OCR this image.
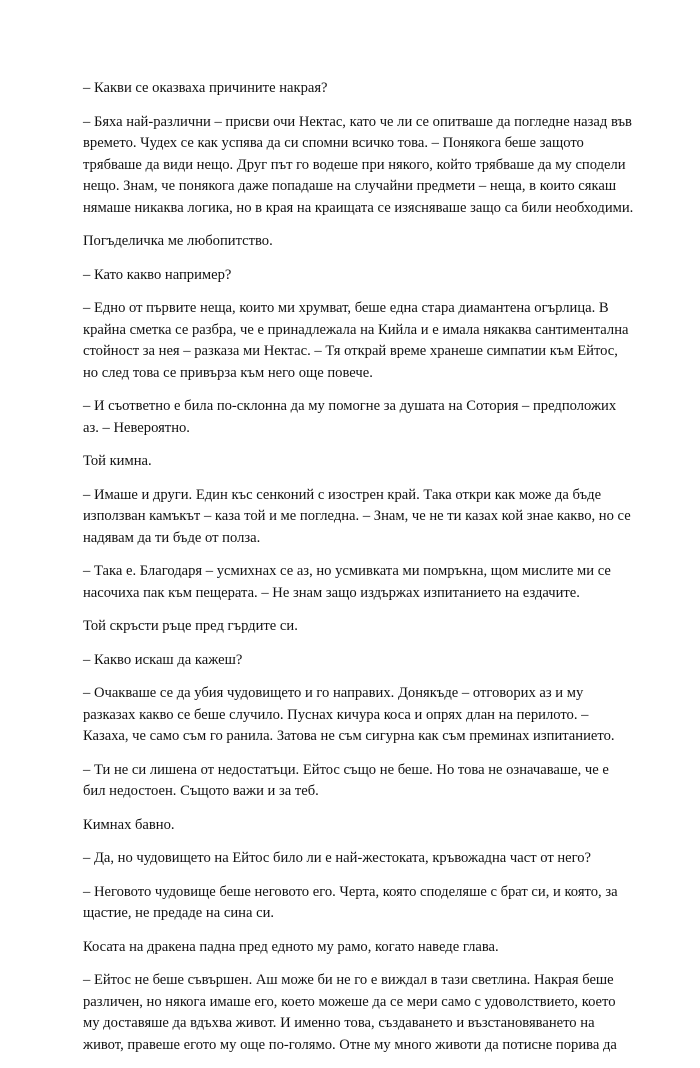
– Какви се оказваха причините накрая?

– Бяха най-различни – присви очи Нектас, като че ли се опитваше да погледне назад във
времето. Чудех се как успява да си спомни всичко това. – Понякога беше защото
трябваше да види нещо. Друг път го водеше при някого, който трябваше да му сподели
нещо. Знам, че понякога даже попадаше на случайни предмети – неща, в които сякаш
нямаше никаква логика, но в края на краищата се изясняваше защо са били необходими.

Погъделичка ме любопитство.

– Като какво например?

– Едно от първите неща, които ми хрумват, беше една стара диамантена огърлица. В
крайна сметка се разбра, че е принадлежала на Кийла и е имала някаква сантиментална
стойност за нея – разказа ми Нектас. – Тя открай време хранеше симпатии към Ейтос,
но след това се привърза към него още повече.

– И съответно е била по-склонна да му помогне за душата на Сотория – предположих
аз. – Невероятно.

Той кимна.

– Имаше и други. Един къс сенконий с изострен край. Така откри как може да бъде
използван камъкът – каза той и ме погледна. – Знам, че не ти казах кой знае какво, но се
надявам да ти бъде от полза.

– Така е. Благодаря – усмихнах се аз, но усмивката ми помръкна, щом мислите ми се
насочиха пак към пещерата. – Не знам защо издържах изпитанието на ездачите.

Той скръсти ръце пред гърдите си.

– Какво искаш да кажеш?

– Очакваше се да убия чудовището и го направих. Донякъде – отговорих аз и му
разказах какво се беше случило. Пуснах кичура коса и опрях длан на перилото. –
Казаха, че само съм го ранила. Затова не съм сигурна как съм преминах изпитанието.

– Ти не си лишена от недостатъци. Ейтос също не беше. Но това не означаваше, че е
бил недостоен. Същото важи и за теб.

Кимнах бавно.

– Да, но чудовището на Ейтос било ли е най-жестоката, кръвожадна част от него?

– Неговото чудовище беше неговото его. Черта, която споделяше с брат си, и която, за
щастие, не предаде на сина си.

Косата на дракена падна пред едното му рамо, когато наведе глава.

– Ейтос не беше съвършен. Аш може би не го е виждал в тази светлина. Накрая беше
различен, но някога имаше его, което можеше да се мери само с удоволствието, което
му доставяше да вдъхва живот. И именно това, създаването и възстановяването на
живот, правеше егото му още по-голямо. Отне му много животи да потисне порива да
